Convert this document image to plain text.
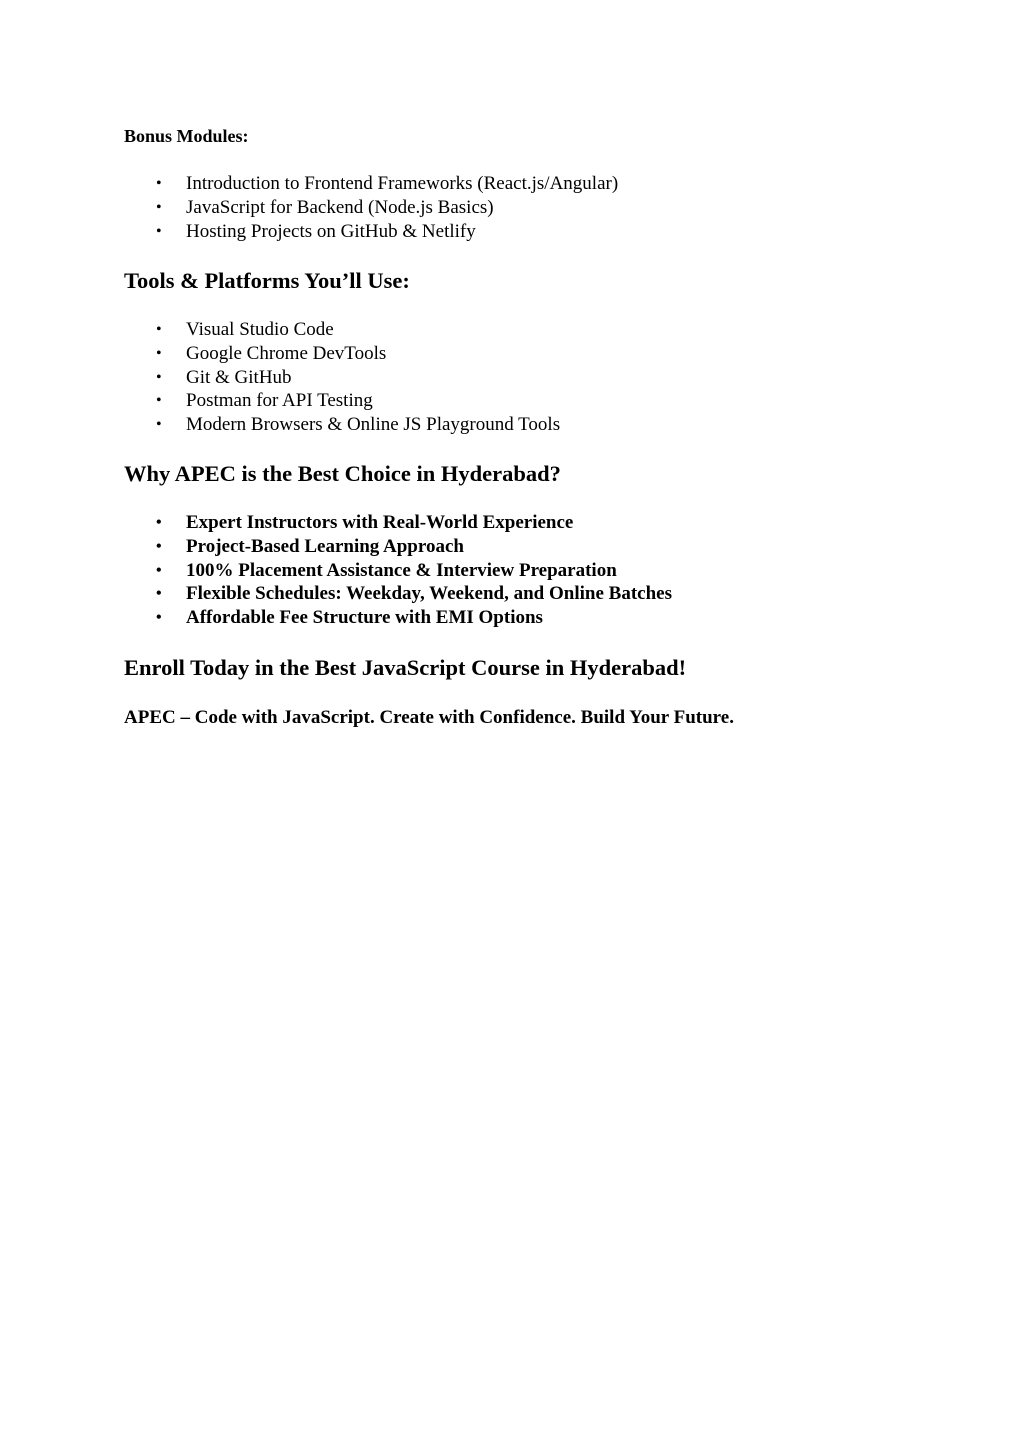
Bonus Modules:

• Introduction to Frontend Frameworks (React.js/Angular)
• JavaScript for Backend (Node.js Basics)
• Hosting Projects on GitHub & Netlify
Tools & Platforms You’ll Use:
• Visual Studio Code
• Google Chrome DevTools
• Git & GitHub
• Postman for API Testing
• Modern Browsers & Online JS Playground Tools
Why APEC is the Best Choice in Hyderabad?
• Expert Instructors with Real-World Experience
• Project-Based Learning Approach
• 100% Placement Assistance & Interview Preparation
• Flexible Schedules: Weekday, Weekend, and Online Batches
• Affordable Fee Structure with EMI Options
Enroll Today in the Best JavaScript Course in Hyderabad!

APEC – Code with JavaScript. Create with Confidence. Build Your Future.
